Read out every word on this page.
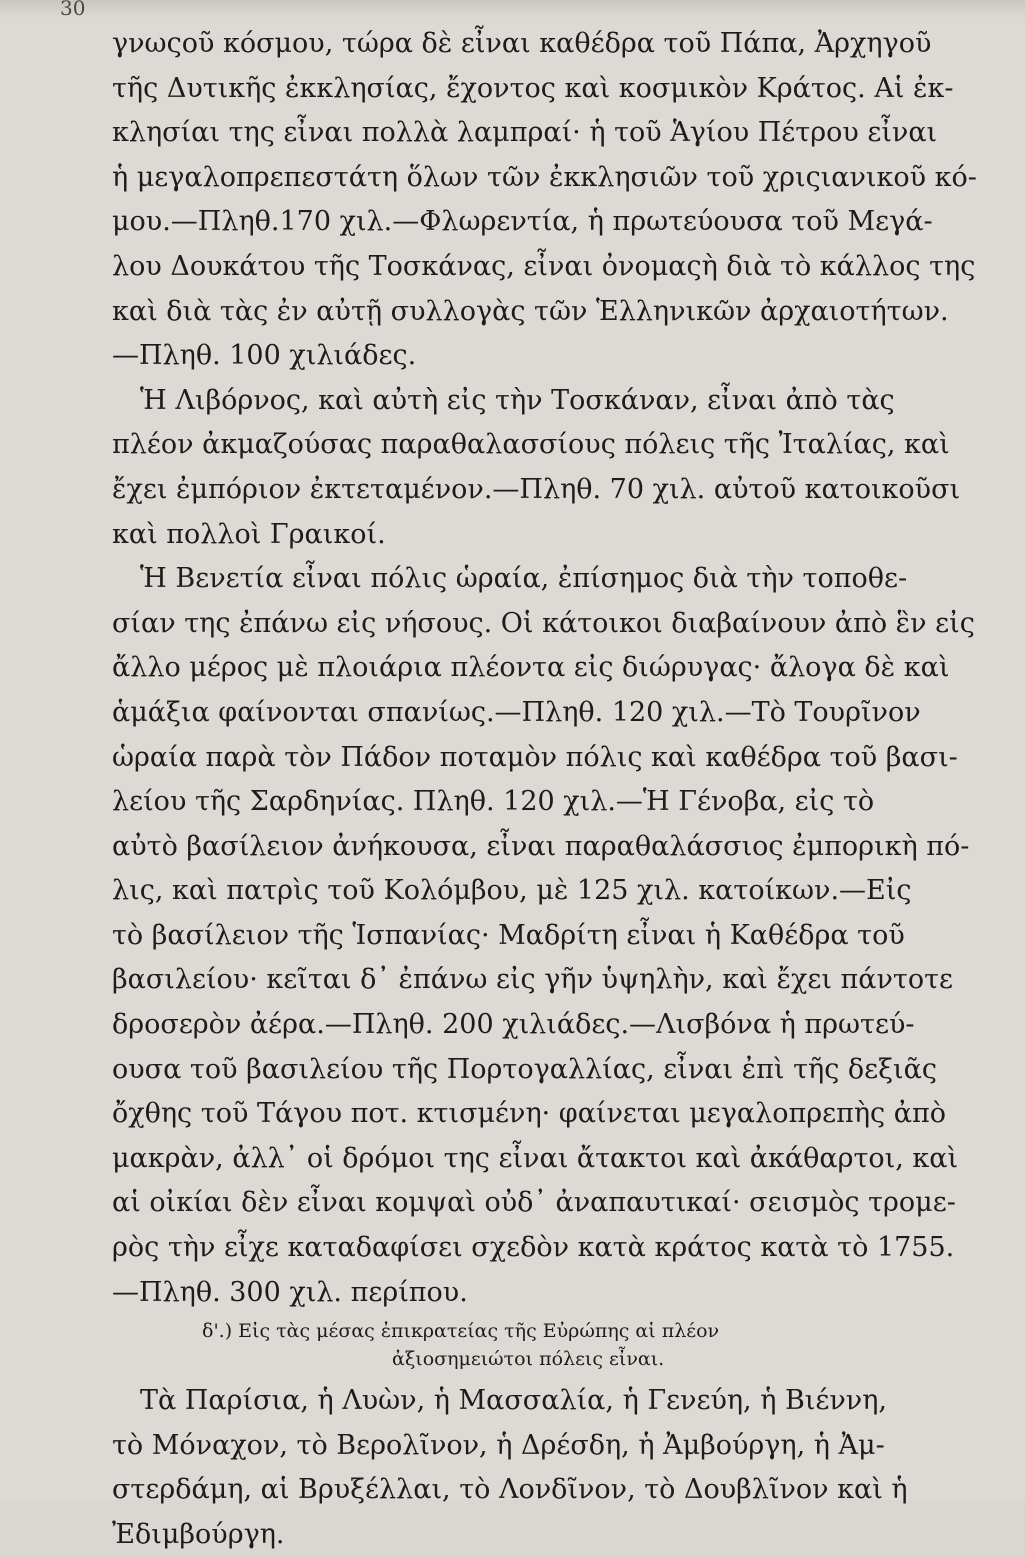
30
γνωςοῦ κόσμου, τώρα δὲ εἶναι καθέδρα τοῦ Πάπα, Ἀρχηγοῦ
τῆς Δυτικῆς ἐκκλησίας, ἔχοντος καὶ κοσμικὸν Κράτος. Αἱ ἐκ-
κλησίαι της εἶναι πολλὰ λαμπραί· ἡ τοῦ Ἁγίου Πέτρου εἶναι
ἡ μεγαλοπρεπεστάτη ὅλων τῶν ἐκκλησιῶν τοῦ χριςιανικοῦ κό-
μου.—Πληθ.170 χιλ.—Φλωρεντία, ἡ πρωτεύουσα τοῦ Μεγά-
λου Δουκάτου τῆς Τοσκάνας, εἶναι ὀνομαςὴ διὰ τὸ κάλλος της
καὶ διὰ τὰς ἐν αὐτῇ συλλογὰς τῶν Ἑλληνικῶν ἀρχαιοτήτων.
—Πληθ. 100 χιλιάδες.
Ἡ Λιβόρνος, καὶ αὐτὴ εἰς τὴν Τοσκάναν, εἶναι ἀπὸ τὰς
πλέον ἀκμαζούσας παραθαλασσίους πόλεις τῆς Ἰταλίας, καὶ
ἔχει ἐμπόριον ἐκτεταμένον.—Πληθ. 70 χιλ. αὐτοῦ κατοικοῦσι
καὶ πολλοὶ Γραικοί.
Ἡ Βενετία εἶναι πόλις ὡραία, ἐπίσημος διὰ τὴν τοποθε-
σίαν της ἐπάνω εἰς νήσους. Οἱ κάτοικοι διαβαίνουν ἀπὸ ἓν εἰς
ἄλλο μέρος μὲ πλοιάρια πλέοντα εἰς διώρυγας· ἄλογα δὲ καὶ
ἁμάξια φαίνονται σπανίως.—Πληθ. 120 χιλ.—Τὸ Τουρῖνον
ὡραία παρὰ τὸν Πάδον ποταμὸν πόλις καὶ καθέδρα τοῦ βασι-
λείου τῆς Σαρδηνίας. Πληθ. 120 χιλ.—Ἡ Γένοβα, εἰς τὸ
αὐτὸ βασίλειον ἀνήκουσα, εἶναι παραθαλάσσιος ἐμπορικὴ πό-
λις, καὶ πατρὶς τοῦ Κολόμβου, μὲ 125 χιλ. κατοίκων.—Εἰς
τὸ βασίλειον τῆς Ἱσπανίας· Μαδρίτη εἶναι ἡ Καθέδρα τοῦ
βασιλείου· κεῖται δ᾽ ἐπάνω εἰς γῆν ὑψηλὴν, καὶ ἔχει πάντοτε
δροσερὸν ἀέρα.—Πληθ. 200 χιλιάδες.—Λισβόνα ἡ πρωτεύ-
ουσα τοῦ βασιλείου τῆς Πορτογαλλίας, εἶναι ἐπὶ τῆς δεξιᾶς
ὄχθης τοῦ Τάγου ποτ. κτισμένη· φαίνεται μεγαλοπρεπὴς ἀπὸ
μακρὰν, ἀλλ᾽ οἱ δρόμοι της εἶναι ἄτακτοι καὶ ἀκάθαρτοι, καὶ
αἱ οἰκίαι δὲν εἶναι κομψαὶ οὐδ᾽ ἀναπαυτικαί· σεισμὸς τρομε-
ρὸς τὴν εἶχε καταδαφίσει σχεδὸν κατὰ κράτος κατὰ τὸ 1755.
—Πληθ. 300 χιλ. περίπου.
δ'.) Εἰς τὰς μέσας ἐπικρατείας τῆς Εὐρώπης αἱ πλέον
ἀξιοσημειώτοι πόλεις εἶναι.
Τὰ Παρίσια, ἡ Λυὼν, ἡ Μασσαλία, ἡ Γενεύη, ἡ Βιέννη,
τὸ Μόναχον, τὸ Βερολῖνον, ἡ Δρέσδη, ἡ Ἀμβούργη, ἡ Ἀμ-
στερδάμη, αἱ Βρυξέλλαι, τὸ Λονδῖνον, τὸ Δουβλῖνον καὶ ἡ
Ἐδιμβούργη.
